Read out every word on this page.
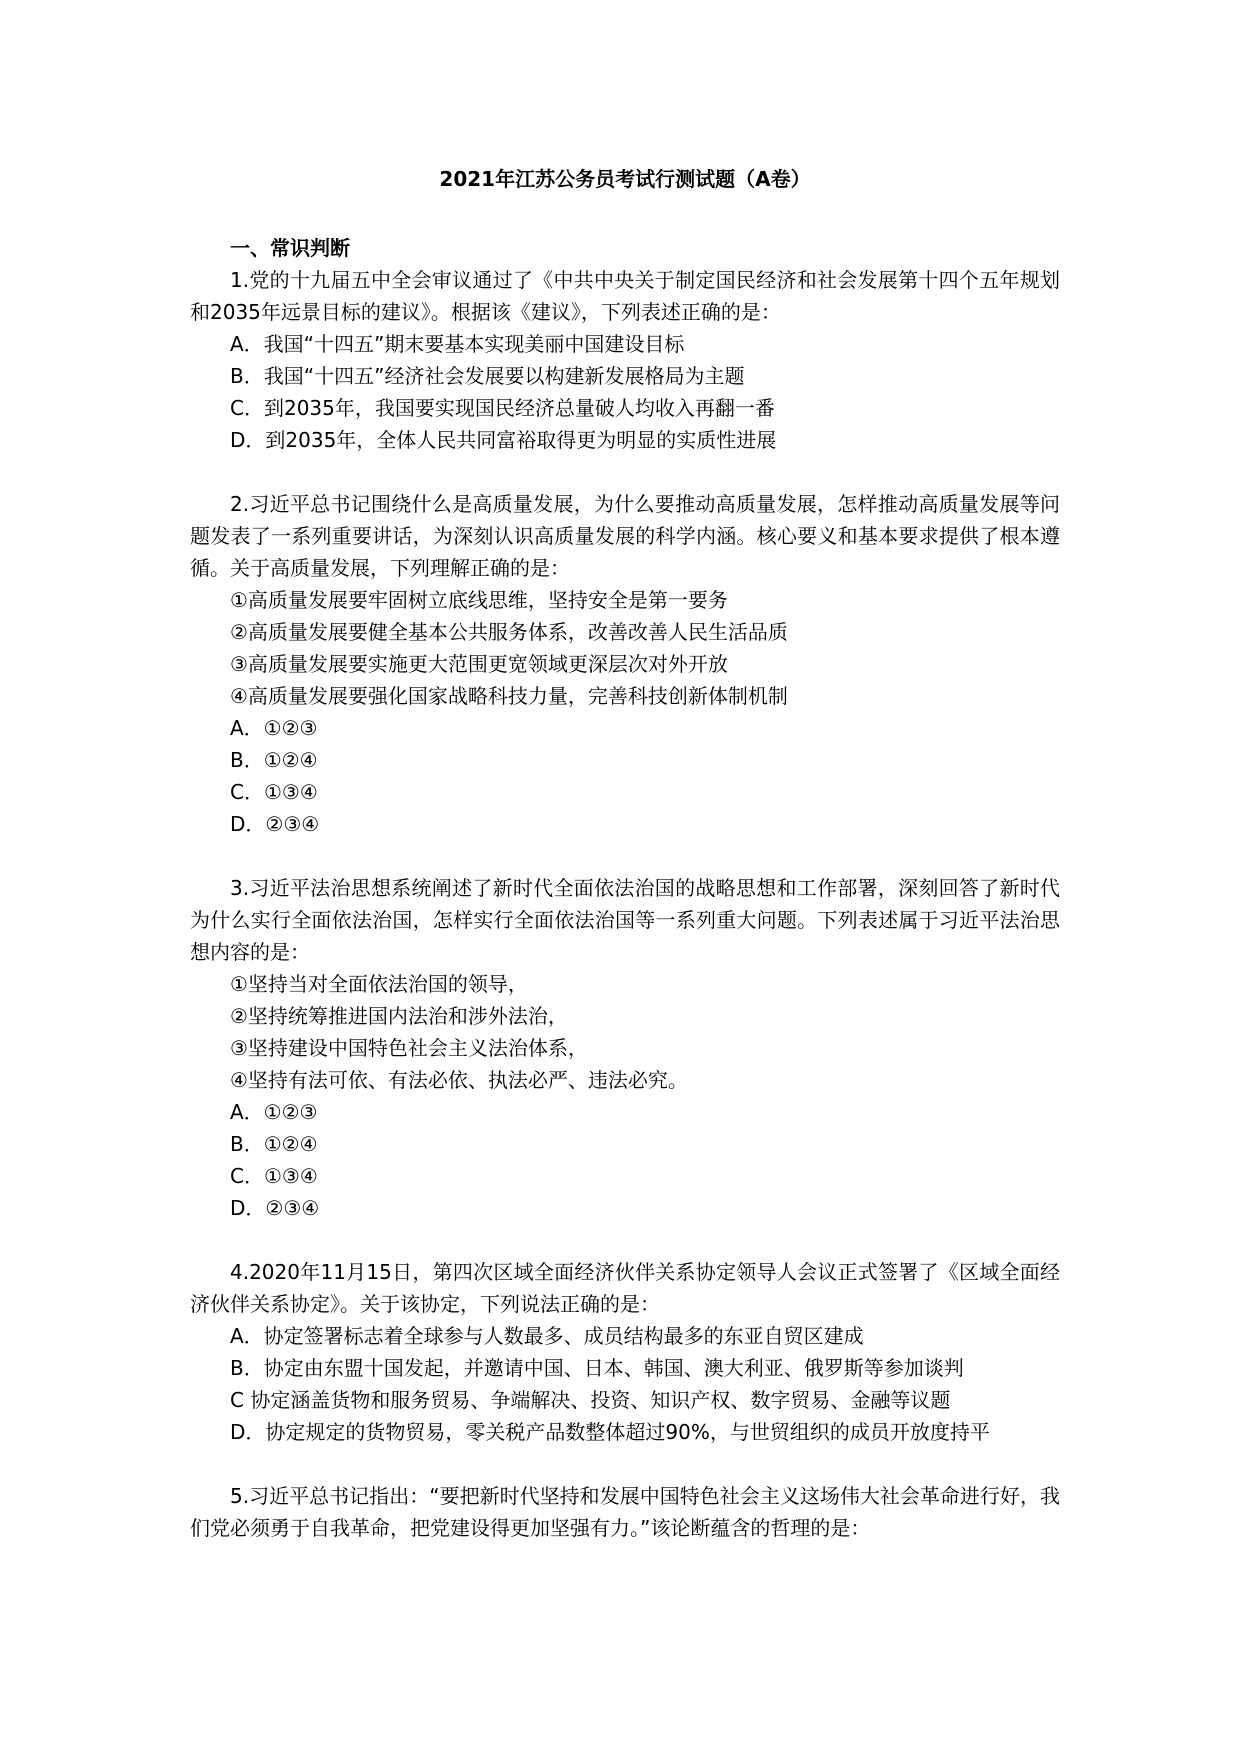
2021年江苏公务员考试行测试题（A卷）
一、常识判断

1.党的十九届五中全会审议通过了《中共中央关于制定国民经济和社会发展第十四个五年规划和2035年远景目标的建议》。根据该《建议》，下列表述正确的是：

A．我国“十四五”期末要基本实现美丽中国建设目标

B．我国“十四五”经济社会发展要以构建新发展格局为主题

C．到2035年，我国要实现国民经济总量破人均收入再翻一番

D．到2035年，全体人民共同富裕取得更为明显的实质性进展

2.习近平总书记围绕什么是高质量发展，为什么要推动高质量发展，怎样推动高质量发展等问题发表了一系列重要讲话，为深刻认识高质量发展的科学内涵。核心要义和基本要求提供了根本遵循。关于高质量发展，下列理解正确的是：

①高质量发展要牢固树立底线思维，坚持安全是第一要务

②高质量发展要健全基本公共服务体系，改善改善人民生活品质

③高质量发展要实施更大范围更宽领域更深层次对外开放

④高质量发展要强化国家战略科技力量，完善科技创新体制机制

A．①②③

B．①②④

C．①③④

D．②③④

3.习近平法治思想系统阐述了新时代全面依法治国的战略思想和工作部署，深刻回答了新时代为什么实行全面依法治国，怎样实行全面依法治国等一系列重大问题。下列表述属于习近平法治思想内容的是：

①坚持当对全面依法治国的领导，

②坚持统筹推进国内法治和涉外法治，

③坚持建设中国特色社会主义法治体系，

④坚持有法可依、有法必依、执法必严、违法必究。

A．①②③

B．①②④

C．①③④

D．②③④

4.2020年11月15日，第四次区域全面经济伙伴关系协定领导人会议正式签署了《区域全面经济伙伴关系协定》。关于该协定，下列说法正确的是：

A．协定签署标志着全球参与人数最多、成员结构最多的东亚自贸区建成

B．协定由东盟十国发起，并邀请中国、日本、韩国、澳大利亚、俄罗斯等参加谈判

C 协定涵盖货物和服务贸易、争端解决、投资、知识产权、数字贸易、金融等议题

D．协定规定的货物贸易，零关税产品数整体超过90%，与世贸组织的成员开放度持平

5.习近平总书记指出：“要把新时代坚持和发展中国特色社会主义这场伟大社会革命进行好，我们党必须勇于自我革命，把党建设得更加坚强有力。”该论断蕴含的哲理的是：
